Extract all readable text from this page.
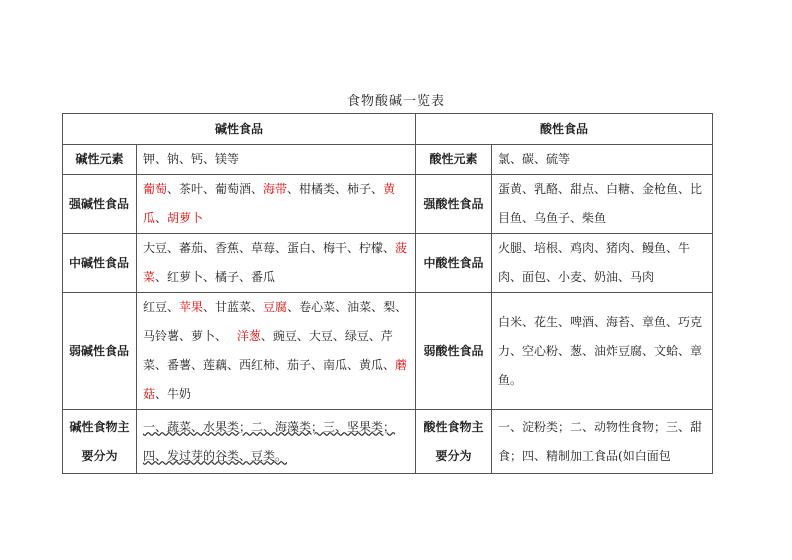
食物酸碱一览表
碱性食品		酸性食品	
碱性元素	钾、钠、钙、镁等	酸性元素	氯、碳、硫等
强碱性食品	葡萄、茶叶、葡萄酒、海带、柑橘类、柿子、黄瓜、胡萝卜	强酸性食品	蛋黄、乳酪、甜点、白糖、金枪鱼、比目鱼、乌鱼子、柴鱼
中碱性食品	大豆、蕃茄、香蕉、草莓、蛋白、梅干、柠檬、菠菜、红萝卜、橘子、番瓜	中酸性食品	火腿、培根、鸡肉、猪肉、鳗鱼、牛肉、面包、小麦、奶油、马肉
弱碱性食品	红豆、苹果、甘蓝菜、豆腐、卷心菜、油菜、梨、马铃薯、萝卜、　 洋葱、豌豆、大豆、绿豆、芹菜、番薯、莲藕、西红柿、茄子、南瓜、黄瓜、蘑菇、牛奶	弱酸性食品	白米、花生、啤酒、海苔、章鱼、巧克力、空心粉、葱、油炸豆腐、文蛤、章鱼。
碱性食物主要分为	一、蔬菜、水果类；二、海藻类；三、坚果类；四、发过芽的谷类、豆类。	酸性食物主要分为	一、淀粉类；二、动物性食物；三、甜食；四、精制加工食品(如白面包
